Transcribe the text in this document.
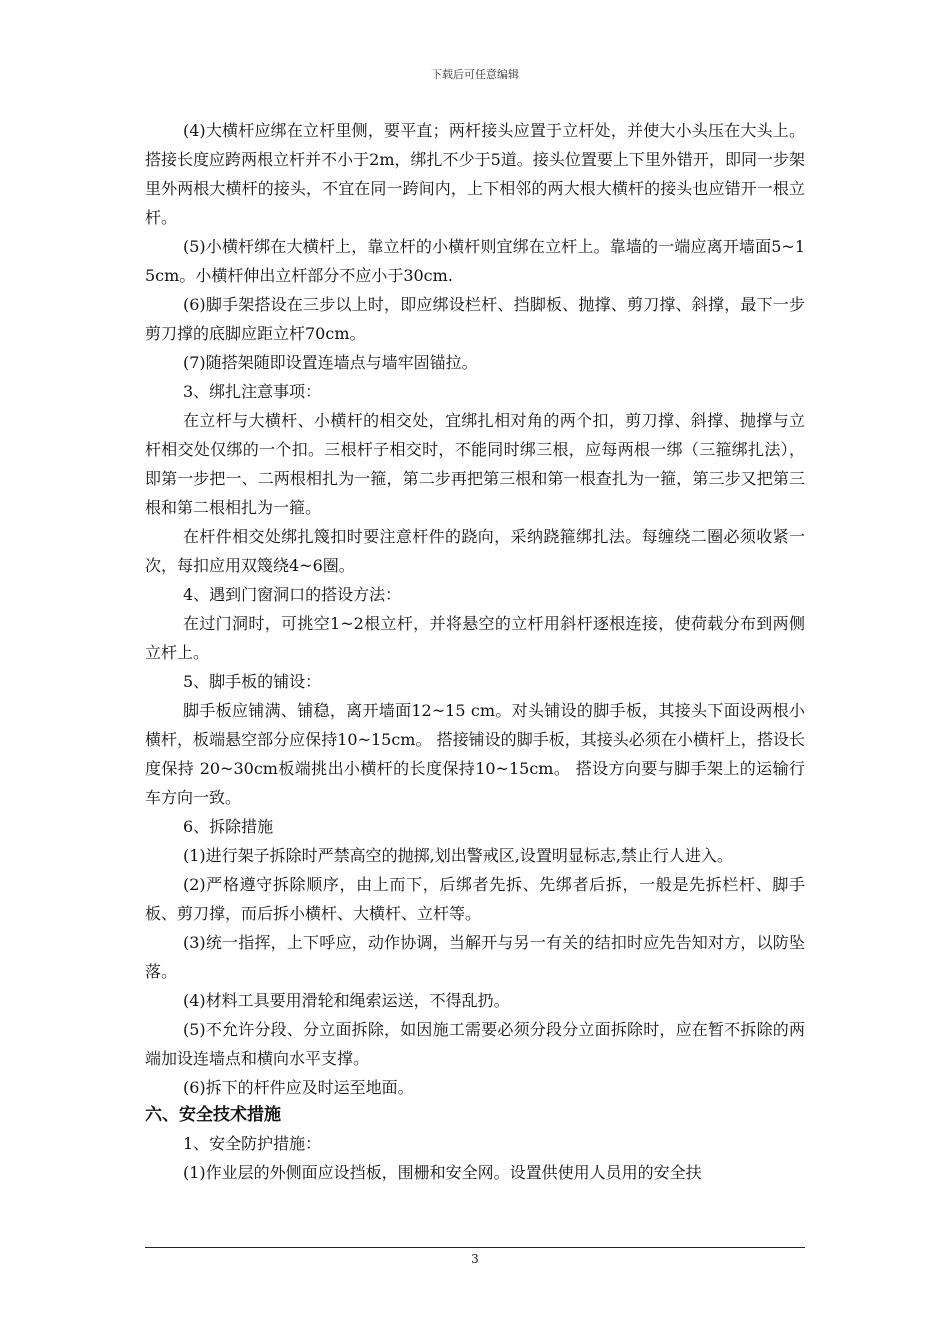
下载后可任意编辑

(4)大横杆应绑在立杆里侧，要平直；两杆接头应置于立杆处，并使大小头压在大头上。搭接长度应跨两根立杆并不小于2m，绑扎不少于5道。接头位置要上下里外错开，即同一步架里外两根大横杆的接头，不宜在同一跨间内，上下相邻的两大根大横杆的接头也应错开一根立杆。

(5)小横杆绑在大横杆上，靠立杆的小横杆则宜绑在立杆上。靠墙的一端应离开墙面5~15cm。小横杆伸出立杆部分不应小于30cm.

(6)脚手架搭设在三步以上时，即应绑设栏杆、挡脚板、抛撑、剪刀撑、斜撑，最下一步剪刀撑的底脚应距立杆70cm。

(7)随搭架随即设置连墙点与墙牢固锚拉。

3、绑扎注意事项：

在立杆与大横杆、小横杆的相交处，宜绑扎相对角的两个扣，剪刀撑、斜撑、抛撑与立杆相交处仅绑的一个扣。三根杆子相交时，不能同时绑三根，应每两根一绑（三箍绑扎法），即第一步把一、二两根相扎为一箍，第二步再把第三根和第一根查扎为一箍，第三步又把第三根和第二根相扎为一箍。

在杆件相交处绑扎篾扣时要注意杆件的跷向，采纳跷箍绑扎法。每缠绕二圈必须收紧一次，每扣应用双篾绕4~6圈。

4、遇到门窗洞口的搭设方法：

在过门洞时，可挑空1~2根立杆，并将悬空的立杆用斜杆逐根连接，使荷载分布到两侧立杆上。

5、脚手板的铺设：

脚手板应铺满、铺稳，离开墙面12~15 cm。对头铺设的脚手板，其接头下面设两根小横杆，板端悬空部分应保持10~15cm。 搭接铺设的脚手板，其接头必须在小横杆上，搭设长度保持 20~30cm板端挑出小横杆的长度保持10~15cm。 搭设方向要与脚手架上的运输行车方向一致。

6、拆除措施

(1)进行架子拆除时严禁高空的抛掷,划出警戒区,设置明显标志,禁止行人进入。

(2)严格遵守拆除顺序，由上而下，后绑者先拆、先绑者后拆，一般是先拆栏杆、脚手板、剪刀撑，而后拆小横杆、大横杆、立杆等。

(3)统一指挥，上下呼应，动作协调，当解开与另一有关的结扣时应先告知对方，以防坠落。

(4)材料工具要用滑轮和绳索运送，不得乱扔。

(5)不允许分段、分立面拆除，如因施工需要必须分段分立面拆除时，应在暂不拆除的两端加设连墙点和横向水平支撑。

(6)拆下的杆件应及时运至地面。

六、安全技术措施

1、安全防护措施：

(1)作业层的外侧面应设挡板，围栅和安全网。设置供使用人员用的安全扶

3
